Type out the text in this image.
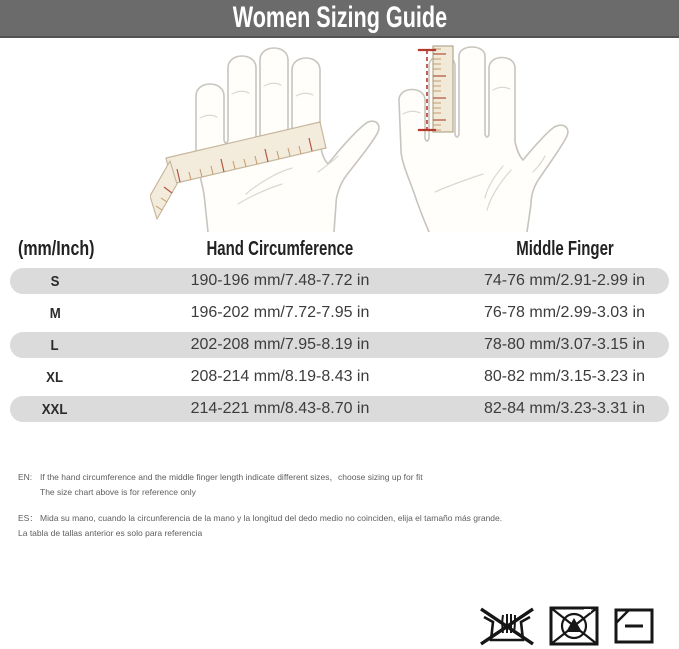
Women Sizing Guide
(mm/Inch)	Hand Circumference	Middle Finger
S	190-196 mm/7.48-7.72 in	74-76 mm/2.91-2.99 in
M	196-202 mm/7.72-7.95 in	76-78 mm/2.99-3.03 in
L	202-208 mm/7.95-8.19 in	78-80 mm/3.07-3.15 in
XL	208-214 mm/8.19-8.43 in	80-82 mm/3.15-3.23 in
XXL	214-221 mm/8.43-8.70 in	82-84 mm/3.23-3.31 in
EN: If the hand circumference and the middle finger length indicate different sizes，choose sizing up for fit
The size chart above is for reference only
ES： Mida su mano, cuando la circunferencia de la mano y la longitud del dedo medio no coinciden, elija el tamaño más grande.
La tabla de tallas anterior es solo para referencia
